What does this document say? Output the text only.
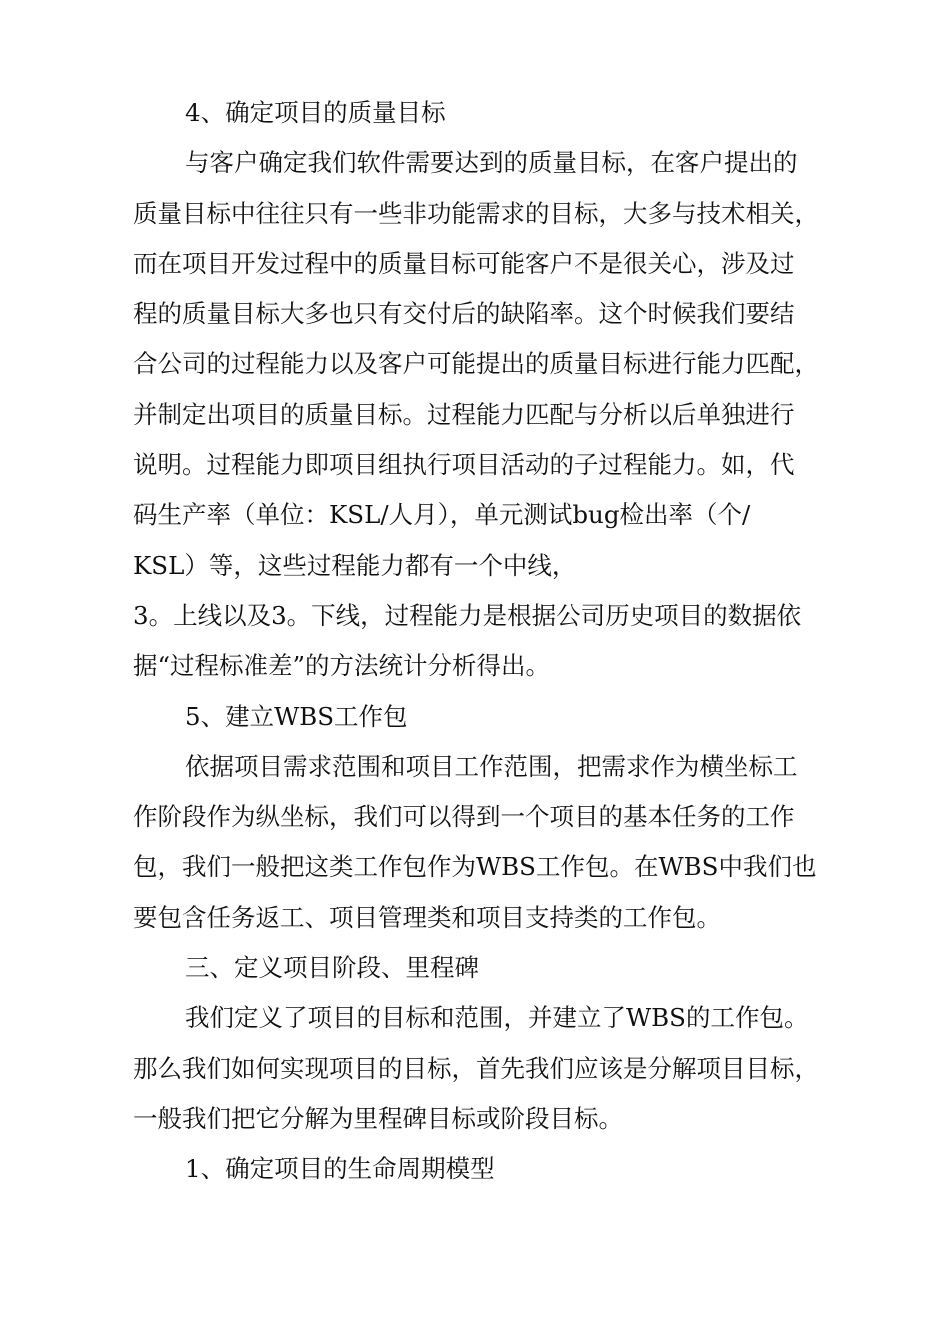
4、确定项目的质量目标

与客户确定我们软件需要达到的质量目标，在客户提出的

质量目标中往往只有一些非功能需求的目标，大多与技术相关，

而在项目开发过程中的质量目标可能客户不是很关心，涉及过

程的质量目标大多也只有交付后的缺陷率。这个时候我们要结

合公司的过程能力以及客户可能提出的质量目标进行能力匹配，

并制定出项目的质量目标。过程能力匹配与分析以后单独进行

说明。过程能力即项目组执行项目活动的子过程能力。如，代

码生产率（单位：KSL/人月），单元测试bug检出率（个/

KSL）等，这些过程能力都有一个中线，

3。上线以及3。下线，过程能力是根据公司历史项目的数据依

据“过程标准差”的方法统计分析得出。

5、建立WBS工作包

依据项目需求范围和项目工作范围，把需求作为横坐标工

作阶段作为纵坐标，我们可以得到一个项目的基本任务的工作

包，我们一般把这类工作包作为WBS工作包。在WBS中我们也

要包含任务返工、项目管理类和项目支持类的工作包。

三、定义项目阶段、里程碑

我们定义了项目的目标和范围，并建立了WBS的工作包。

那么我们如何实现项目的目标，首先我们应该是分解项目目标，

一般我们把它分解为里程碑目标或阶段目标。

1、确定项目的生命周期模型
